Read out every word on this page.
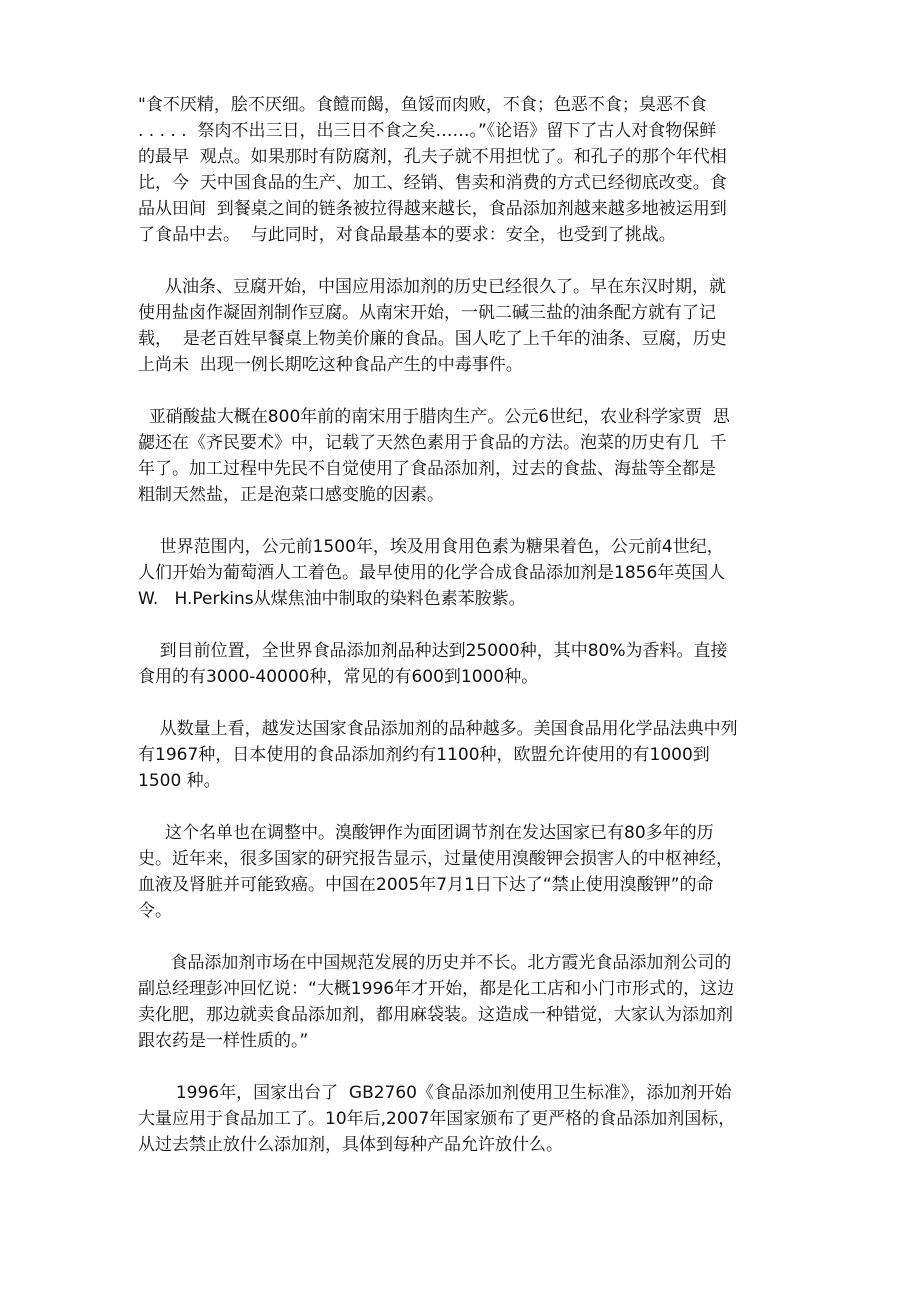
"食不厌精，脍不厌细。食饐而餲，鱼馁而肉败，不食；色恶不食；臭恶不食
. . . . .  祭肉不出三日，出三日不食之矣……。”《论语》留下了古人对食物保鲜
的最早  观点。如果那时有防腐剂，孔夫子就不用担忧了。和孔子的那个年代相
比，今  天中国食品的生产、加工、经销、售卖和消费的方式已经彻底改变。食
品从田间  到餐桌之间的链条被拉得越来越长，食品添加剂越来越多地被运用到
了食品中去。  与此同时，对食品最基本的要求：安全，也受到了挑战。
从油条、豆腐开始，中国应用添加剂的历史已经很久了。早在东汉时期，就
使用盐卤作凝固剂制作豆腐。从南宋开始，一矾二碱三盐的油条配方就有了记
载，  是老百姓早餐桌上物美价廉的食品。国人吃了上千年的油条、豆腐，历史
上尚未  出现一例长期吃这种食品产生的中毒事件。
亚硝酸盐大概在800年前的南宋用于腊肉生产。公元6世纪，农业科学家贾  思
勰还在《齐民要术》中，记载了天然色素用于食品的方法。泡菜的历史有几  千
年了。加工过程中先民不自觉使用了食品添加剂，过去的食盐、海盐等全都是
粗制天然盐，正是泡菜口感变脆的因素。
世界范围内，公元前1500年，埃及用食用色素为糖果着色，公元前4世纪，
人们开始为葡萄酒人工着色。最早使用的化学合成食品添加剂是1856年英国人
W.   H.Perkins从煤焦油中制取的染料色素苯胺紫。
到目前位置，全世界食品添加剂品种达到25000种，其中80%为香料。直接
食用的有3000-40000种，常见的有600到1000种。
从数量上看，越发达国家食品添加剂的品种越多。美国食品用化学品法典中列
有1967种，日本使用的食品添加剂约有1100种，欧盟允许使用的有1000到
1500 种。
这个名单也在调整中。溴酸钾作为面团调节剂在发达国家已有80多年的历
史。近年来，很多国家的研究报告显示，过量使用溴酸钾会损害人的中枢神经，
血液及肾脏并可能致癌。中国在2005年7月1日下达了“禁止使用溴酸钾”的命
令。
食品添加剂市场在中国规范发展的历史并不长。北方霞光食品添加剂公司的
副总经理彭冲回忆说：“大概1996年才开始，都是化工店和小门市形式的，这边
卖化肥，那边就卖食品添加剂，都用麻袋装。这造成一种错觉，大家认为添加剂
跟农药是一样性质的。”
1996年，国家出台了  GB2760《食品添加剂使用卫生标准》，添加剂开始
大量应用于食品加工了。10年后,2007年国家颁布了更严格的食品添加剂国标，
从过去禁止放什么添加剂，具体到每种产品允许放什么。
